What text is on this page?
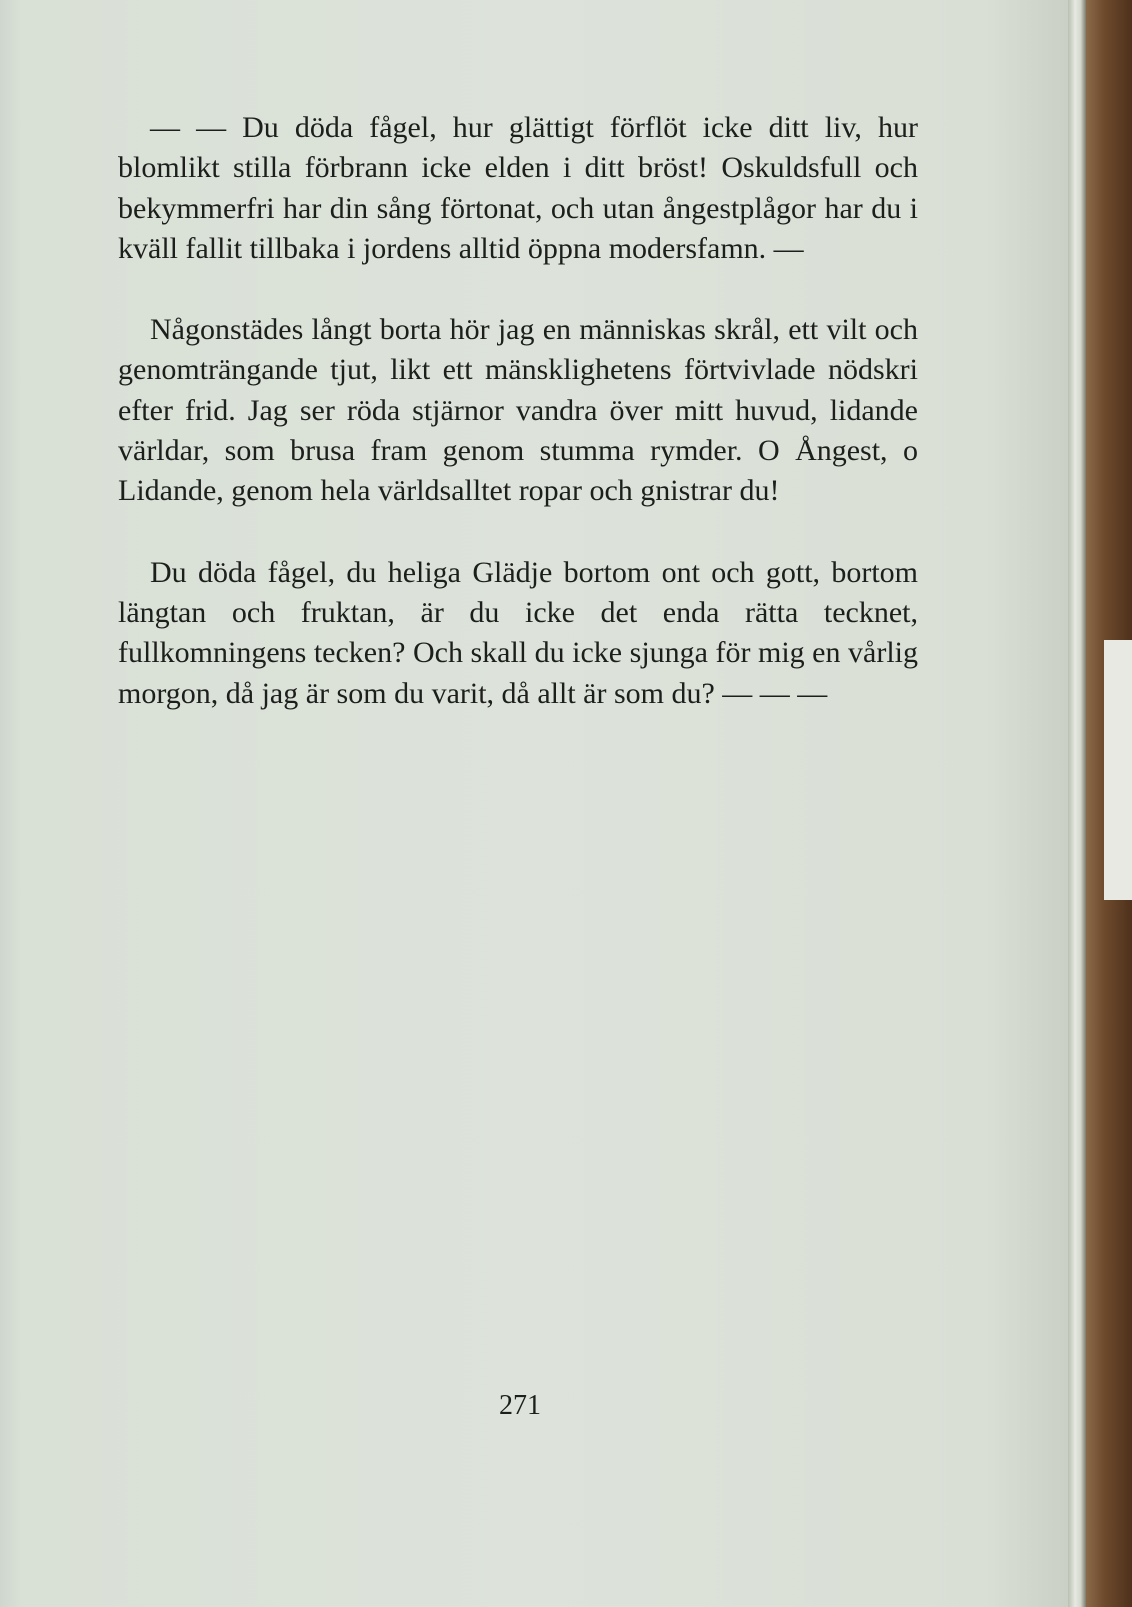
— — Du döda fågel, hur glättigt förflöt icke ditt liv, hur blomlikt stilla förbrann icke elden i ditt bröst! Oskuldsfull och bekymmerfri har din sång förtonat, och utan ångestplågor har du i kväll fallit tillbaka i jordens alltid öppna modersfamn. —

Någonstädes långt borta hör jag en människas skrål, ett vilt och genomträngande tjut, likt ett mänsklighetens förtvivlade nödskri efter frid. Jag ser röda stjärnor vandra över mitt huvud, lidande världar, som brusa fram genom stumma rymder. O Ångest, o Lidande, genom hela världsalltet ropar och gnistrar du!

Du döda fågel, du heliga Glädje bortom ont och gott, bortom längtan och fruktan, är du icke det enda rätta tecknet, fullkomningens tecken? Och skall du icke sjunga för mig en vårlig morgon, då jag är som du varit, då allt är som du? — — —

271
